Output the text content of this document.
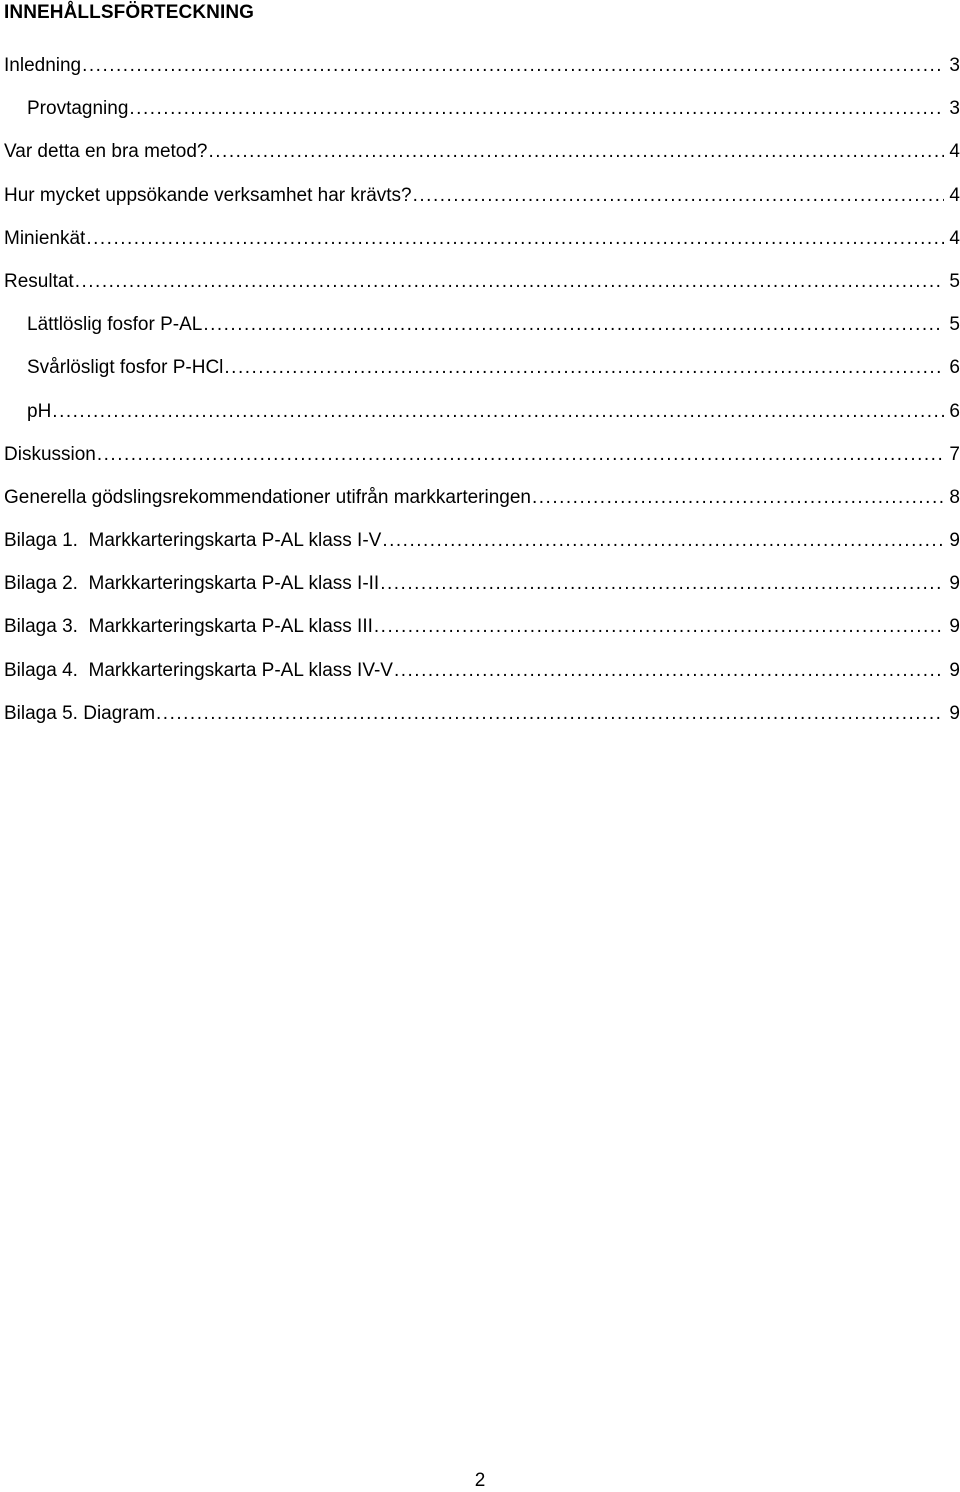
INNEHÅLLSFÖRTECKNING
Inledning .....	3
Provtagning .....	3
Var detta en bra metod? .....	4
Hur mycket uppsökande verksamhet har krävts? .....	4
Minienkät .....	4
Resultat .....	5
Lättlöslig fosfor P-AL .....	5
Svårlösligt fosfor P-HCl .....	6
pH .....	6
Diskussion .....	7
Generella gödslingsrekommendationer utifrån markkarteringen .....	8
Bilaga 1.  Markkarteringskarta P-AL klass I-V .....	9
Bilaga 2.  Markkarteringskarta P-AL klass I-II .....	9
Bilaga 3.  Markkarteringskarta P-AL klass III .....	9
Bilaga 4.  Markkarteringskarta P-AL klass IV-V .....	9
Bilaga 5. Diagram .....	9
2
